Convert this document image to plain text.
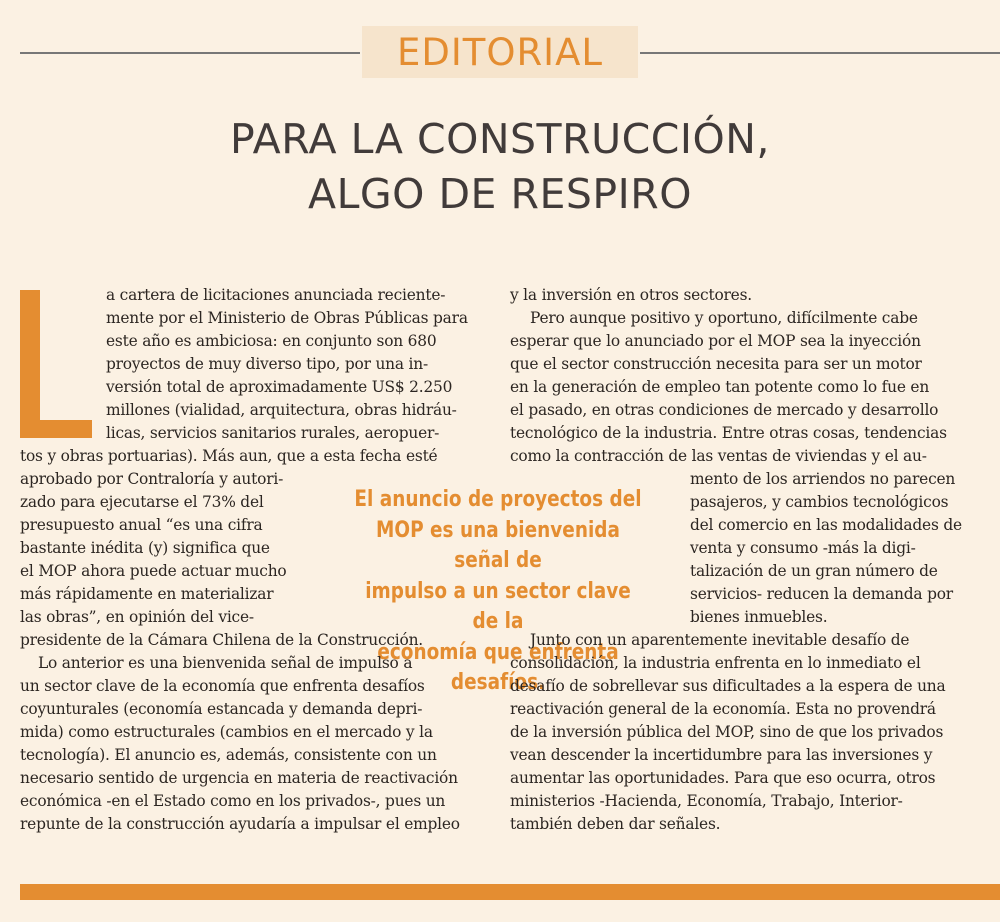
EDITORIAL
PARA LA CONSTRUCCIÓN,
ALGO DE RESPIRO
El anuncio de proyectos del
MOP es una bienvenida señal de
impulso a un sector clave de la
economía que enfrenta desafíos.
a cartera de licitaciones anunciada reciente-
mente por el Ministerio de Obras Públicas para
este año es ambiciosa: en conjunto son 680
proyectos de muy diverso tipo, por una in-
versión total de aproximadamente US$ 2.250
millones (vialidad, arquitectura, obras hidráu-
licas, servicios sanitarios rurales, aeropuer-
tos y obras portuarias). Más aun, que a esta fecha esté
aprobado por Contraloría y autori-
zado para ejecutarse el 73% del
presupuesto anual “es una cifra
bastante inédita (y) significa que
el MOP ahora puede actuar mucho
más rápidamente en materializar
las obras”, en opinión del vice-
presidente de la Cámara Chilena de la Construcción.
Lo anterior es una bienvenida señal de impulso a
un sector clave de la economía que enfrenta desafíos
coyunturales (economía estancada y demanda depri-
mida) como estructurales (cambios en el mercado y la
tecnología). El anuncio es, además, consistente con un
necesario sentido de urgencia en materia de reactivación
económica -en el Estado como en los privados-, pues un
repunte de la construcción ayudaría a impulsar el empleo
y la inversión en otros sectores.
Pero aunque positivo y oportuno, difícilmente cabe
esperar que lo anunciado por el MOP sea la inyección
que el sector construcción necesita para ser un motor
en la generación de empleo tan potente como lo fue en
el pasado, en otras condiciones de mercado y desarrollo
tecnológico de la industria. Entre otras cosas, tendencias
como la contracción de las ventas de viviendas y el au-
mento de los arriendos no parecen
pasajeros, y cambios tecnológicos
del comercio en las modalidades de
venta y consumo -más la digi-
talización de un gran número de
servicios- reducen la demanda por
bienes inmuebles.
Junto con un aparentemente inevitable desafío de
consolidación, la industria enfrenta en lo inmediato el
desafío de sobrellevar sus dificultades a la espera de una
reactivación general de la economía. Esta no provendrá
de la inversión pública del MOP, sino de que los privados
vean descender la incertidumbre para las inversiones y
aumentar las oportunidades. Para que eso ocurra, otros
ministerios -Hacienda, Economía, Trabajo, Interior-
también deben dar señales.
